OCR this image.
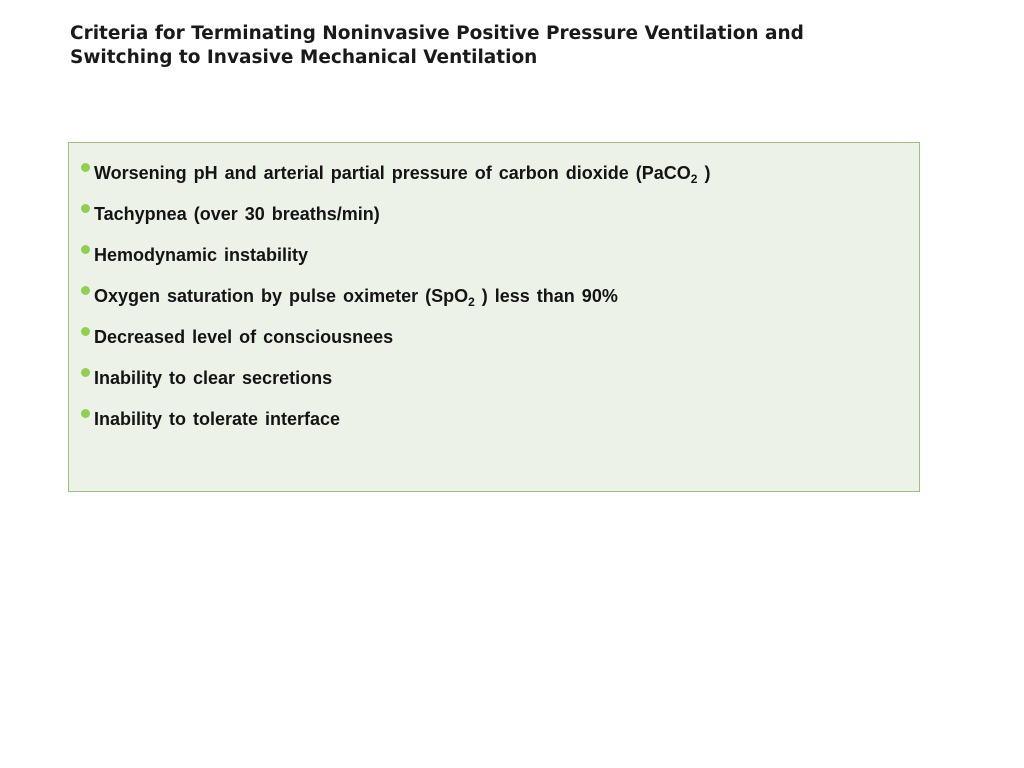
Criteria for Terminating Noninvasive Positive Pressure Ventilation and
Switching to Invasive Mechanical Ventilation
Worsening pH and arterial partial pressure of carbon dioxide (PaCO$_2$ )
Tachypnea (over 30 breaths/min)
Hemodynamic instability
Oxygen saturation by pulse oximeter (SpO$_2$ ) less than 90%
Decreased level of consciousnees
Inability to clear secretions
Inability to tolerate interface
